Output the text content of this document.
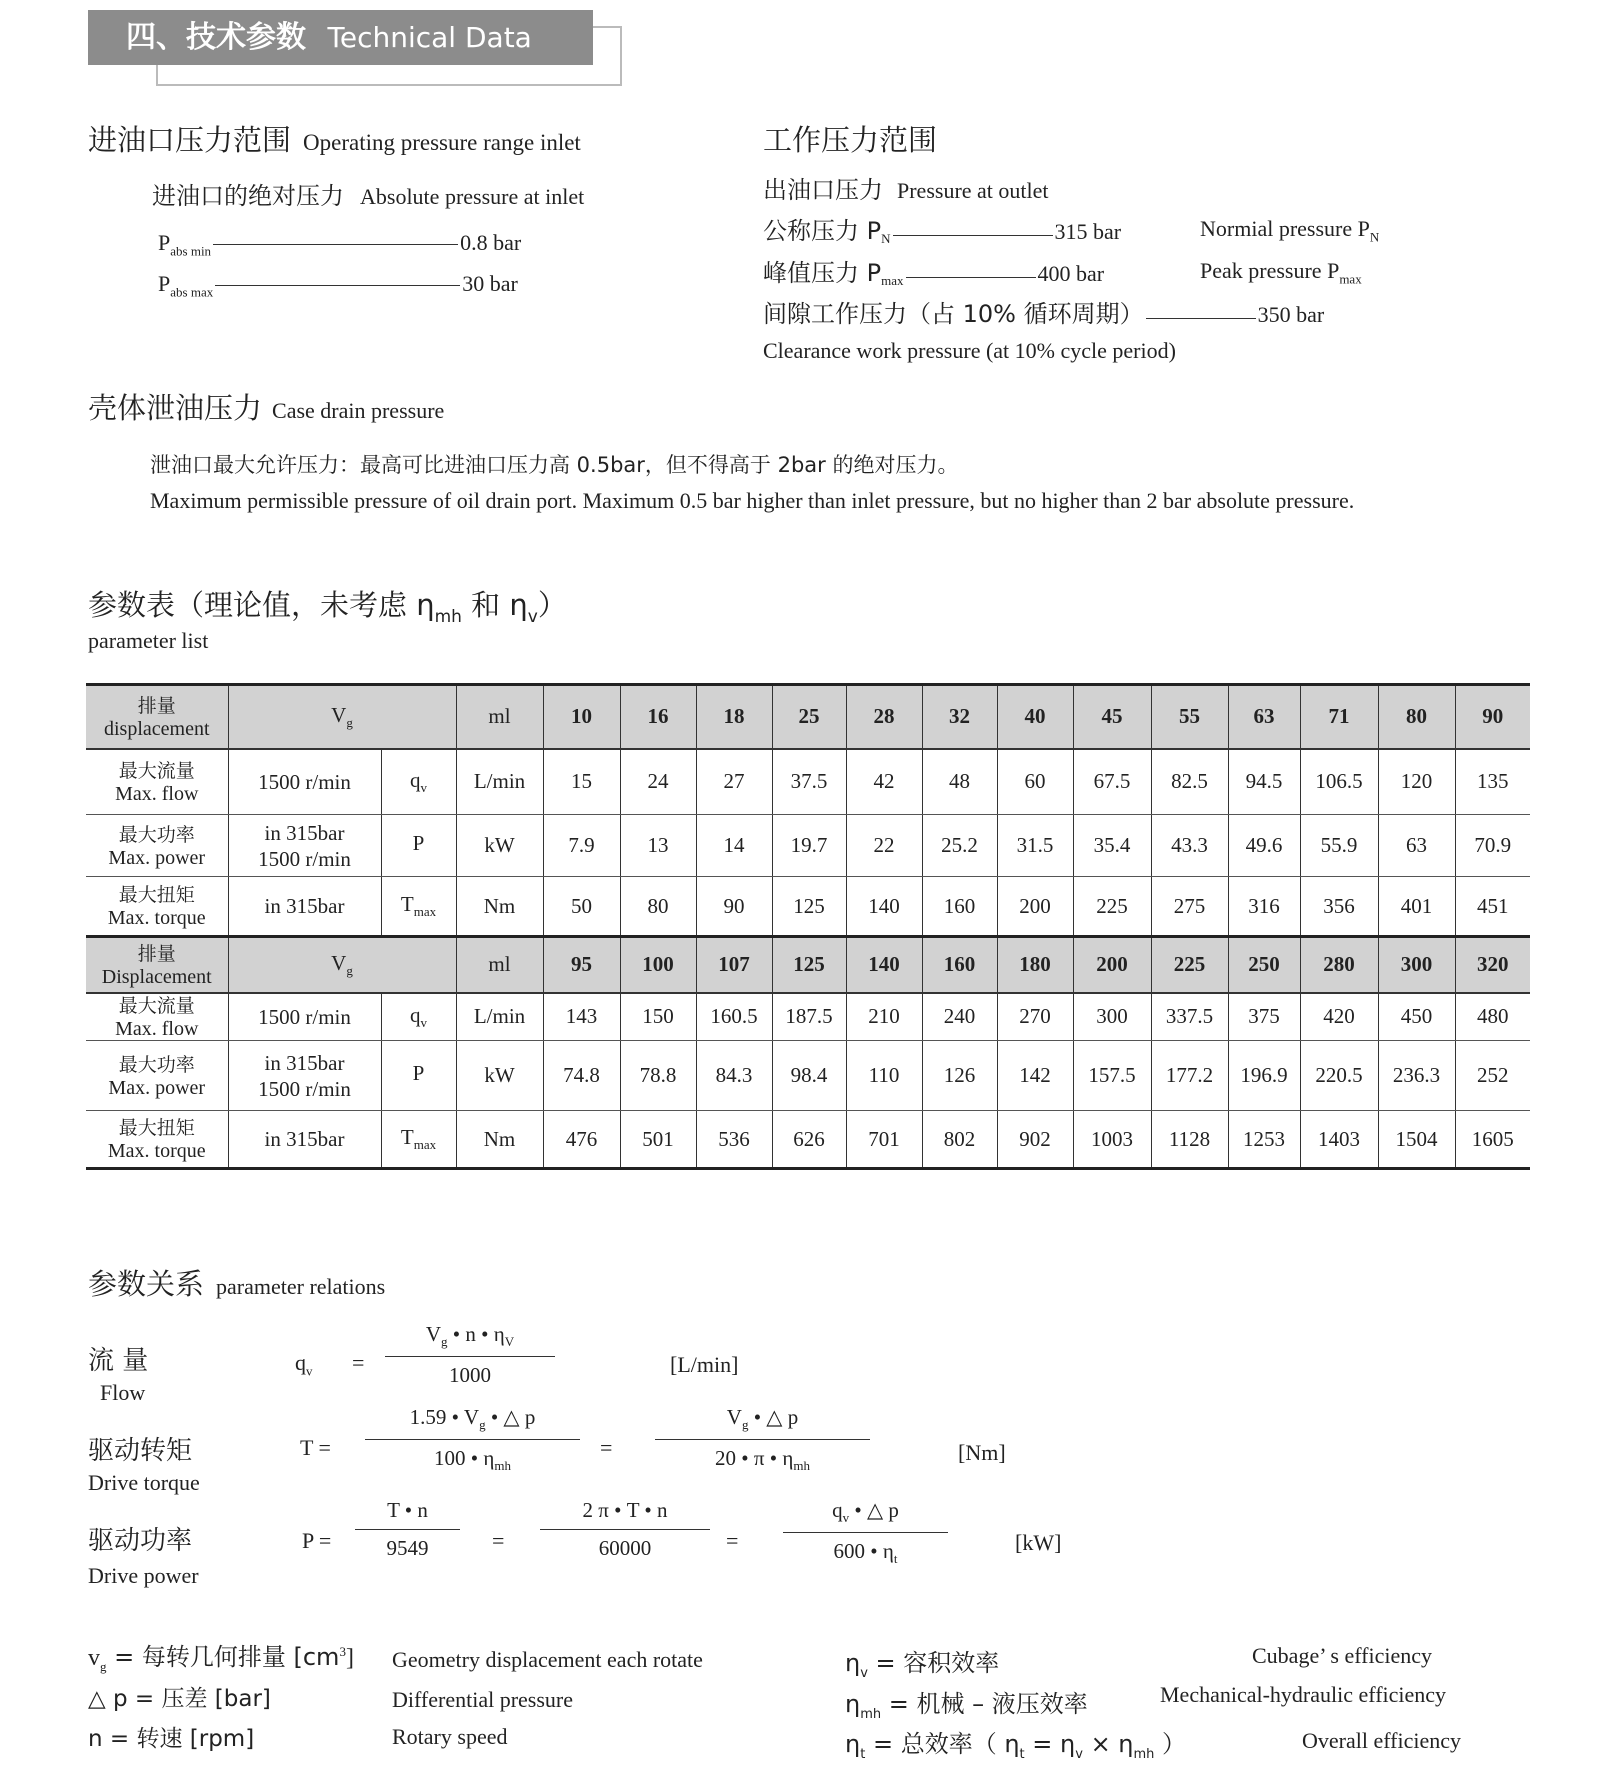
四、技术参数 Technical Data
进油口压力范围 Operating pressure range inlet
进油口的绝对压力 Absolute pressure at inlet
$P_{abs min}$	0.8 bar
$P_{abs max}$	30 bar
工作压力范围
出油口压力 Pressure at outlet
公称压力 $P_N$	315 bar	Normial pressure $P_N$
峰值压力 $P_{max}$	400 bar	Peak pressure $P_{max}$
间隙工作压力（占 10% 循环周期）	350 bar
Clearance work pressure (at 10% cycle period)
壳体泄油压力 Case drain pressure
泄油口最大允许压力：最高可比进油口压力高 0.5bar，但不得高于 2bar 的绝对压力。
Maximum permissible pressure of oil drain port. Maximum 0.5 bar higher than inlet pressure, but no higher than 2 bar absolute pressure.
参数表（理论值，未考虑 $\eta_{mh}$ 和 $\eta_v$）
parameter list
排量
displacement	$V_g$		ml	10	16	18	25	28	32	40	45	55	63	71	80	90

最大流量
Max. flow	1500 r/min	$q_v$	L/min	15	24	27	37.5	42	48	60	67.5	82.5	94.5	106.5	120	135

最大功率
Max. power	in 315bar
1500 r/min	P	kW	7.9	13	14	19.7	22	25.2	31.5	35.4	43.3	49.6	55.9	63	70.9

最大扭矩
Max. torque	in 315bar	$T_{max}$	Nm	50	80	90	125	140	160	200	225	275	316	356	401	451

排量
Displacement	$V_g$		ml	95	100	107	125	140	160	180	200	225	250	280	300	320

最大流量
Max. flow	1500 r/min	$q_v$	L/min	143	150	160.5	187.5	210	240	270	300	337.5	375	420	450	480

最大功率
Max. power	in 315bar
1500 r/min	P	kW	74.8	78.8	84.3	98.4	110	126	142	157.5	177.2	196.9	220.5	236.3	252

最大扭矩
Max. torque	in 315bar	$T_{max}$	Nm	476	501	536	626	701	802	902	1003	1128	1253	1403	1504	1605
参数关系 parameter relations
流 量
Flow
$q_v = \frac{V_g • n • \eta_V}{1000}$	[L/min]
驱动转矩
Drive torque
T =
1.59 • $V_g$ • △ p
100 • $\eta_{mh}$
=
$V_g$ • △ p
20 • π • $\eta_{mh}$
[Nm]
驱动功率
Drive power
$P = \frac{T • n}{9549} = \frac{2 \pi • T • n}{60000} = \frac{q_v • \triangle p}{600 • \eta_t}$	[kW]
$v_g$ = 每转几何排量 $[cm^3]$ Geometry displacement each rotate
△ p = 压差 [bar]	Differential pressure
n = 转速 [rpm]	Rotary speed
$\eta_v$ = 容积效率	Cubage’ s efficiency
$\eta_{mh}$ = 机械 – 液压效率	Mechanical-hydraulic efficiency
$\eta_t$ = 总效率（ $\eta_t = \eta_v \times \eta_{mh}$ ）	Overall efficiency
